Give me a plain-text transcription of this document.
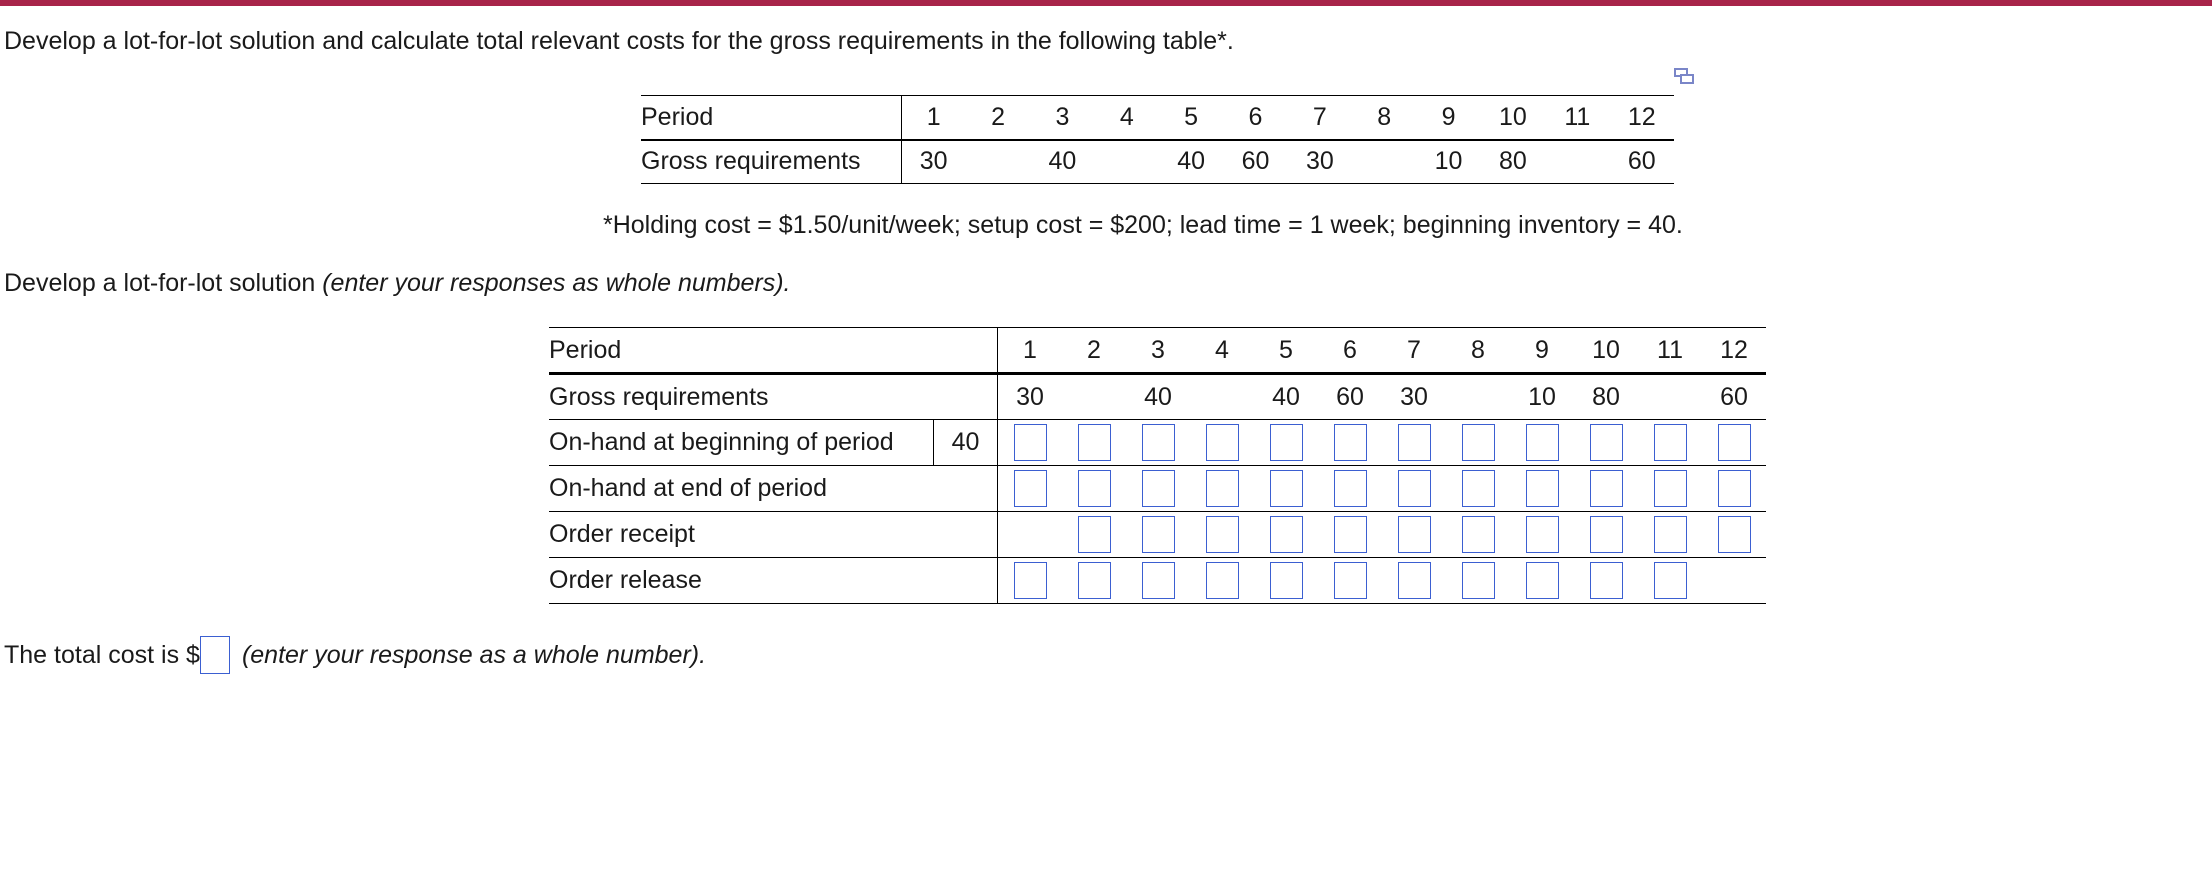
Develop a lot-for-lot solution and calculate total relevant costs for the gross requirements in the following table*.
Period	1	2	3	4	5	6	7	8	9	10	11	12
Gross requirements	30		40		40	60	30		10	80		60
*Holding cost = $1.50/unit/week; setup cost = $200; lead time = 1 week; beginning inventory = 40.
Develop a lot-for-lot solution (enter your responses as whole numbers).
Period		1	2	3	4	5	6	7	8	9	10	11	12
Gross requirements		30		40		40	60	30		10	80		60
On-hand at beginning of period	40	

On-hand at end of period	

Order receipt		

Order release	

The total cost is $ (enter your response as a whole number).
